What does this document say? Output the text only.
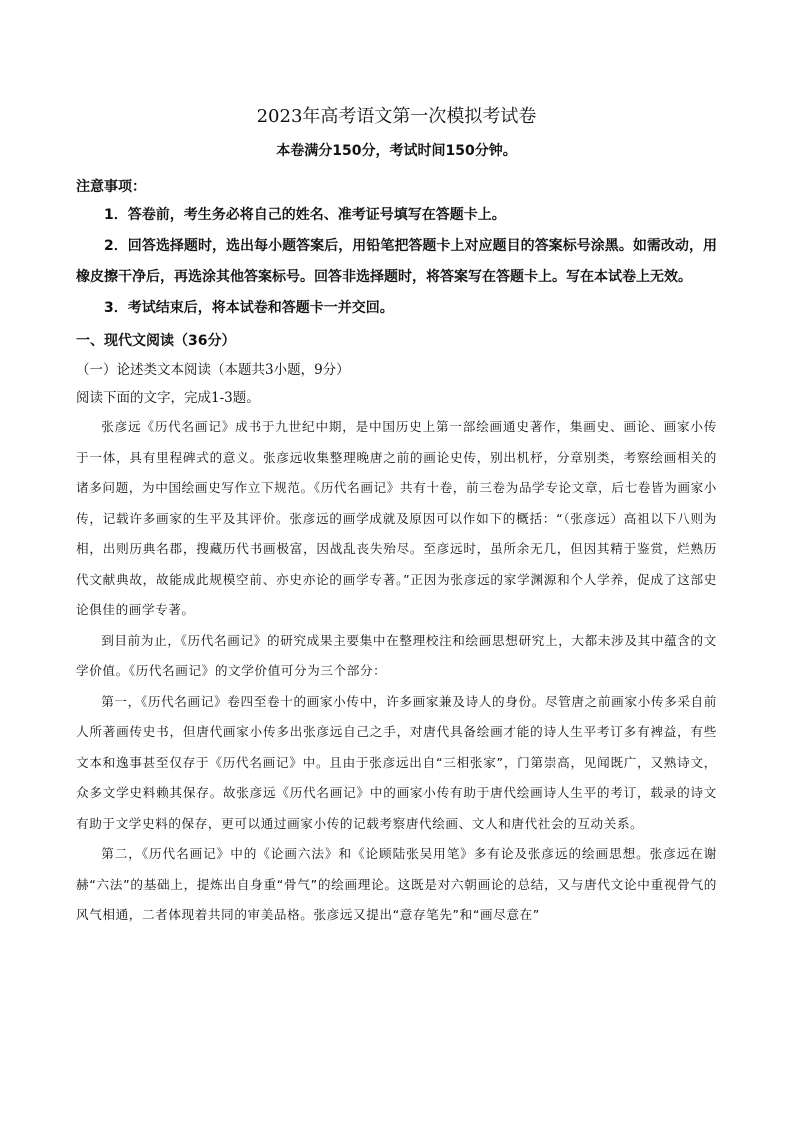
2023年高考语文第一次模拟考试卷
本卷满分150分，考试时间150分钟。
注意事项：

1．答卷前，考生务必将自己的姓名、准考证号填写在答题卡上。

2．回答选择题时，选出每小题答案后，用铅笔把答题卡上对应题目的答案标号涂黑。如需改动，用橡皮擦干净后，再选涂其他答案标号。回答非选择题时，将答案写在答题卡上。写在本试卷上无效。

3．考试结束后，将本试卷和答题卡一并交回。

一、现代文阅读（36分）
（一）论述类文本阅读（本题共3小题，9分）
阅读下面的文字，完成1-3题。

张彦远《历代名画记》成书于九世纪中期，是中国历史上第一部绘画通史著作，集画史、画论、画家小传于一体，具有里程碑式的意义。张彦远收集整理晚唐之前的画论史传，别出机杼，分章别类，考察绘画相关的诸多问题，为中国绘画史写作立下规范。《历代名画记》共有十卷，前三卷为品学专论文章，后七卷皆为画家小传，记载许多画家的生平及其评价。张彦远的画学成就及原因可以作如下的概括：“（张彦远）高祖以下八则为相，出则历典名郡，搜藏历代书画极富，因战乱丧失殆尽。至彦远时，虽所余无几，但因其精于鉴赏，烂熟历代文献典故，故能成此规模空前、亦史亦论的画学专著。”正因为张彦远的家学渊源和个人学养，促成了这部史论俱佳的画学专著。

到目前为止，《历代名画记》的研究成果主要集中在整理校注和绘画思想研究上，大都未涉及其中蕴含的文学价值。《历代名画记》的文学价值可分为三个部分：

第一，《历代名画记》卷四至卷十的画家小传中，许多画家兼及诗人的身份。尽管唐之前画家小传多采自前人所著画传史书，但唐代画家小传多出张彦远自己之手，对唐代具备绘画才能的诗人生平考订多有裨益，有些文本和逸事甚至仅存于《历代名画记》中。且由于张彦远出自“三相张家”，门第崇高，见闻既广，又熟诗文，众多文学史料赖其保存。故张彦远《历代名画记》中的画家小传有助于唐代绘画诗人生平的考订，载录的诗文有助于文学史料的保存，更可以通过画家小传的记载考察唐代绘画、文人和唐代社会的互动关系。

第二，《历代名画记》中的《论画六法》和《论顾陆张吴用笔》多有论及张彦远的绘画思想。张彦远在谢赫“六法”的基础上，提炼出自身重“骨气”的绘画理论。这既是对六朝画论的总结，又与唐代文论中重视骨气的风气相通，二者体现着共同的审美品格。张彦远又提出“意存笔先”和“画尽意在”
